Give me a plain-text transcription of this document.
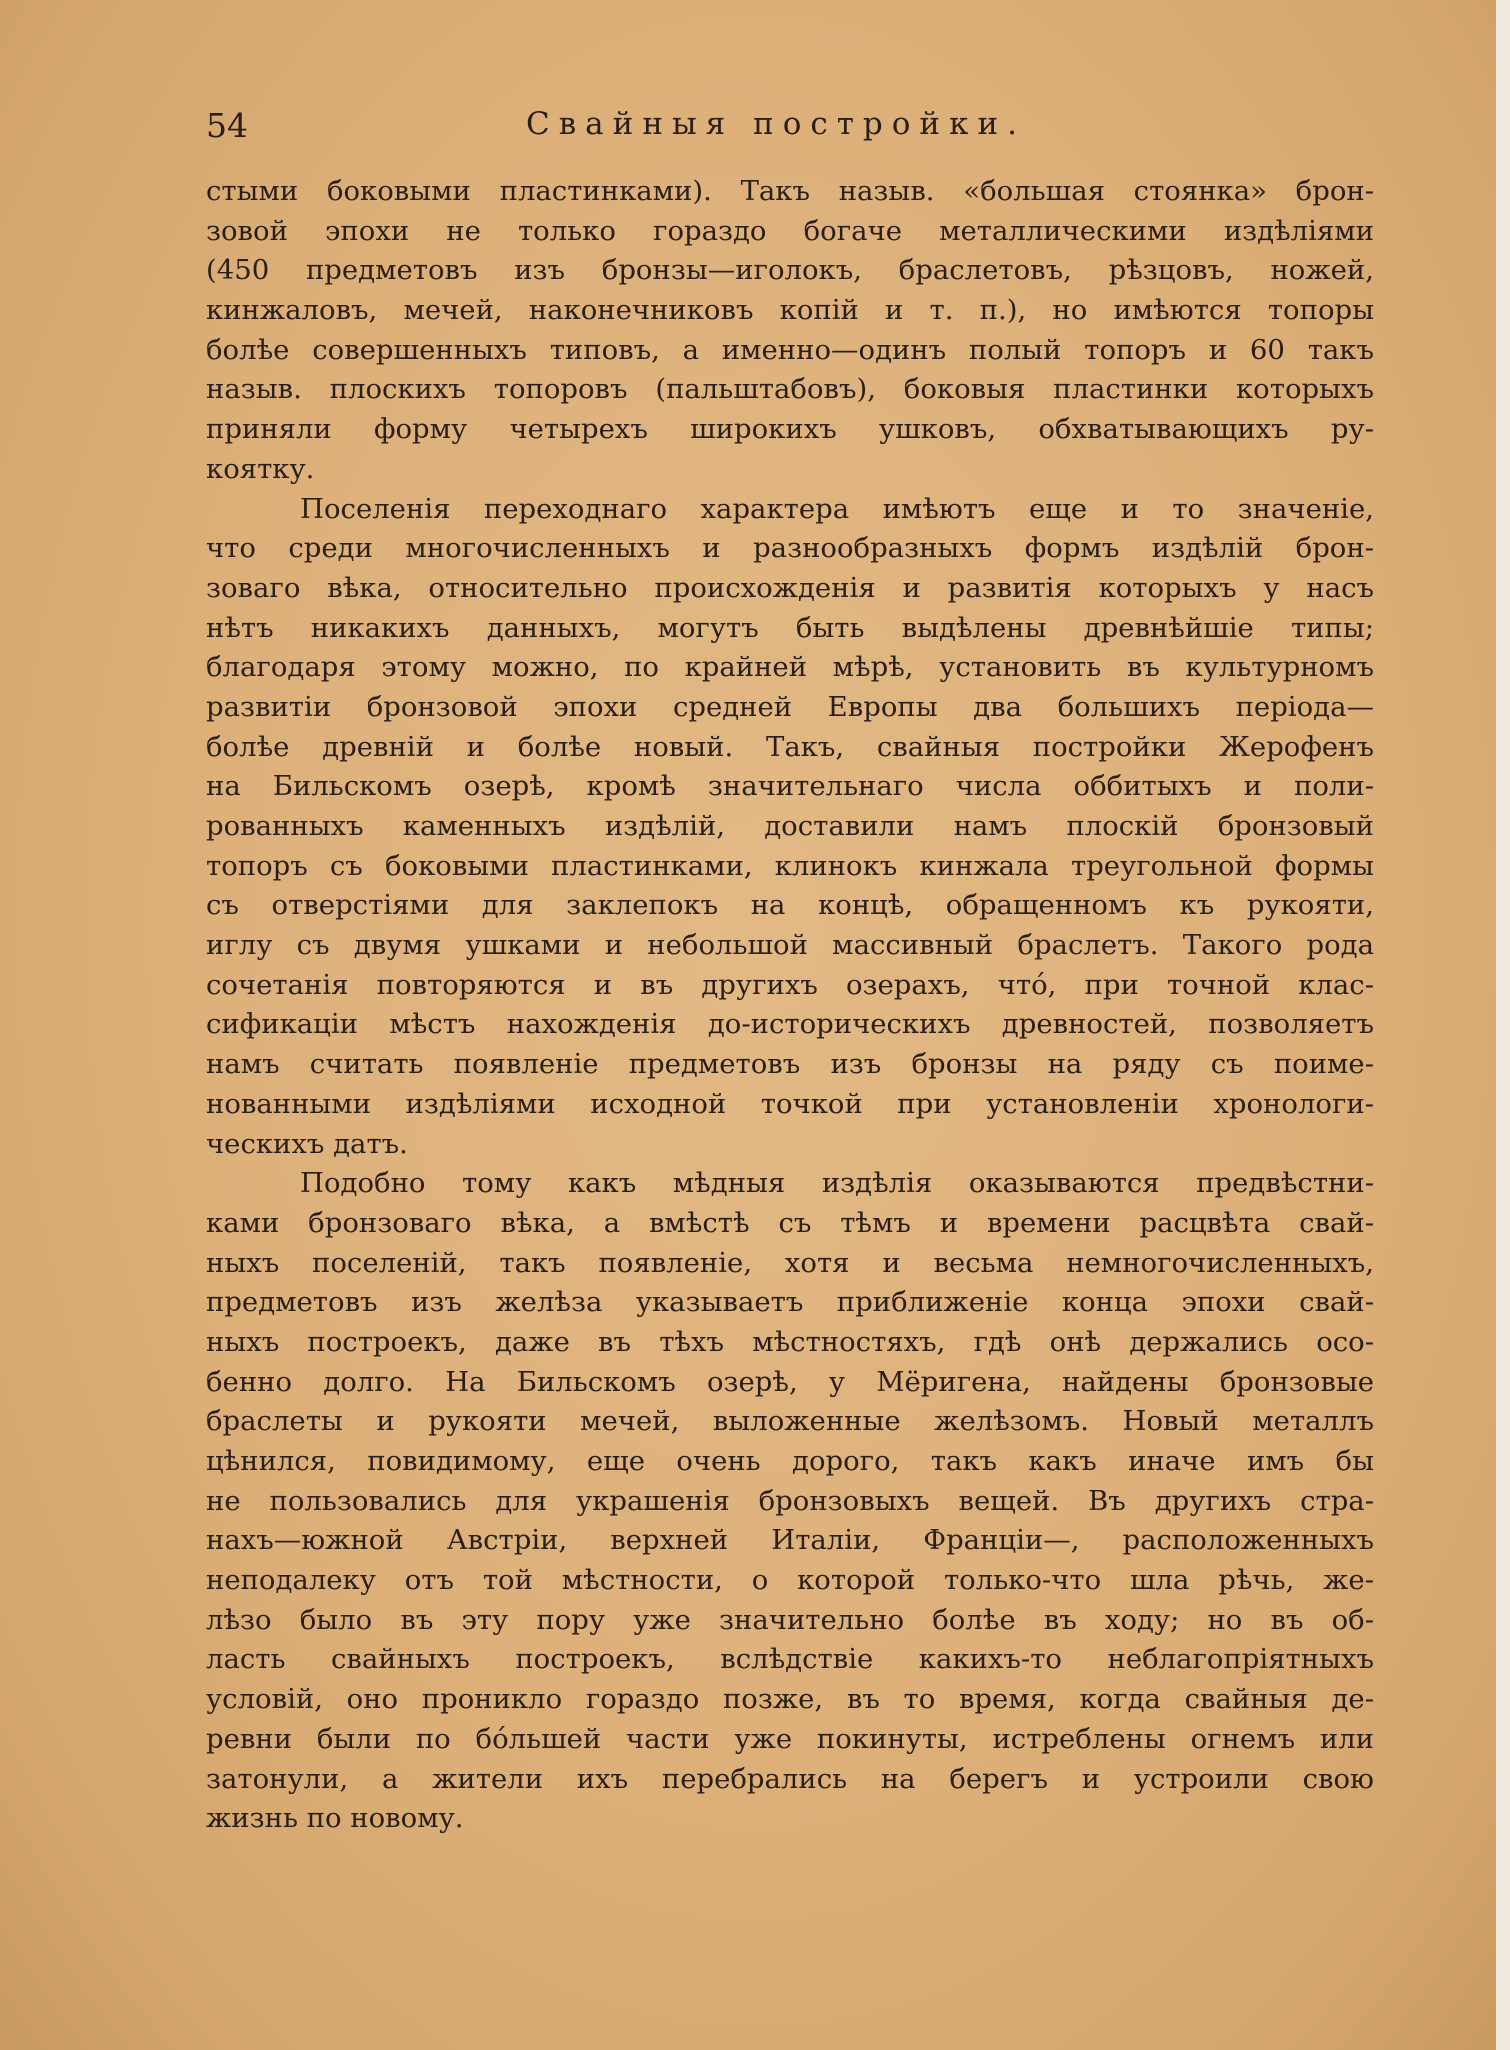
54	Свайныя постройки.
стыми боковыми пластинками). Такъ назыв. «большая стоянка» брон-
зовой эпохи не только гораздо богаче металлическими издѣліями
(450 предметовъ изъ бронзы—иголокъ, браслетовъ, рѣзцовъ, ножей,
кинжаловъ, мечей, наконечниковъ копій и т. п.), но имѣются топоры
болѣе совершенныхъ типовъ, а именно—одинъ полый топоръ и 60 такъ
назыв. плоскихъ топоровъ (пальштабовъ), боковыя пластинки которыхъ
приняли форму четырехъ широкихъ ушковъ, обхватывающихъ ру-
коятку.
Поселенія переходнаго характера имѣютъ еще и то значеніе,
что среди многочисленныхъ и разнообразныхъ формъ издѣлій брон-
зоваго вѣка, относительно происхожденія и развитія которыхъ у насъ
нѣтъ никакихъ данныхъ, могутъ быть выдѣлены древнѣйшіе типы;
благодаря этому можно, по крайней мѣрѣ, установить въ культурномъ
развитіи бронзовой эпохи средней Европы два большихъ періода—
болѣе древній и болѣе новый. Такъ, свайныя постройки Жерофенъ
на Бильскомъ озерѣ, кромѣ значительнаго числа оббитыхъ и поли-
рованныхъ каменныхъ издѣлій, доставили намъ плоскій бронзовый
топоръ съ боковыми пластинками, клинокъ кинжала треугольной формы
съ отверстіями для заклепокъ на концѣ, обращенномъ къ рукояти,
иглу съ двумя ушками и небольшой массивный браслетъ. Такого рода
сочетанія повторяются и въ другихъ озерахъ, что́, при точной клас-
сификаціи мѣстъ нахожденія до-историческихъ древностей, позволяетъ
намъ считать появленіе предметовъ изъ бронзы на ряду съ поиме-
нованными издѣліями исходной точкой при установленіи хронологи-
ческихъ датъ.
Подобно тому какъ мѣдныя издѣлія оказываются предвѣстни-
ками бронзоваго вѣка, а вмѣстѣ съ тѣмъ и времени расцвѣта свай-
ныхъ поселеній, такъ появленіе, хотя и весьма немногочисленныхъ,
предметовъ изъ желѣза указываетъ приближеніе конца эпохи свай-
ныхъ построекъ, даже въ тѣхъ мѣстностяхъ, гдѣ онѣ держались осо-
бенно долго. На Бильскомъ озерѣ, у Мёригена, найдены бронзовые
браслеты и рукояти мечей, выложенные желѣзомъ. Новый металлъ
цѣнился, повидимому, еще очень дорого, такъ какъ иначе имъ бы
не пользовались для украшенія бронзовыхъ вещей. Въ другихъ стра-
нахъ—южной Австріи, верхней Италіи, Франціи—, расположенныхъ
неподалеку отъ той мѣстности, о которой только-что шла рѣчь, же-
лѣзо было въ эту пору уже значительно болѣе въ ходу; но въ об-
ласть свайныхъ построекъ, вслѣдствіе какихъ-то неблагопріятныхъ
условій, оно проникло гораздо позже, въ то время, когда свайныя де-
ревни были по бо́льшей части уже покинуты, истреблены огнемъ или
затонули, а жители ихъ перебрались на берегъ и устроили свою
жизнь по новому.
